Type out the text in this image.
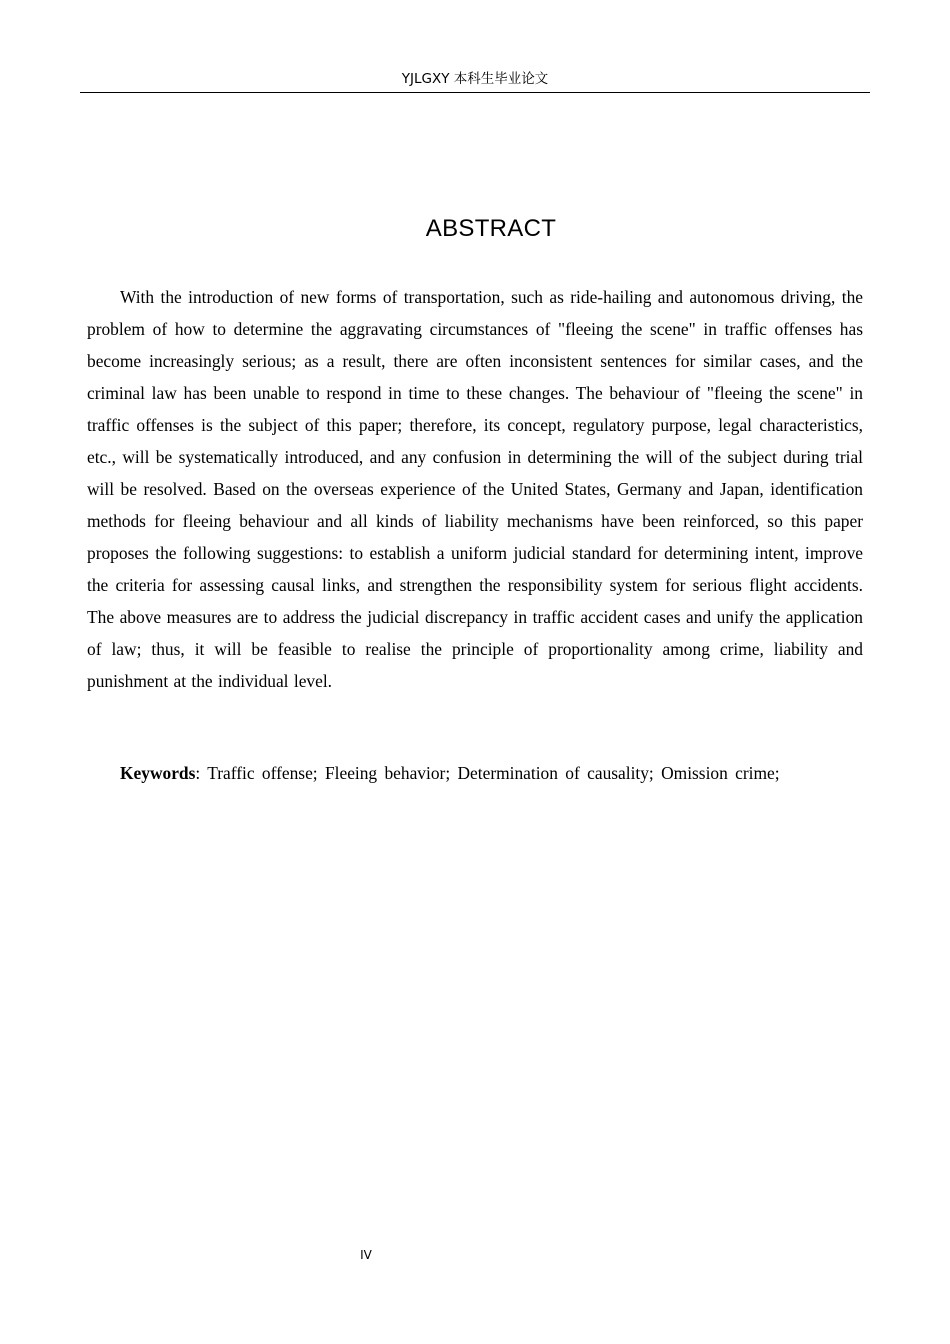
YJLGXY 本科生毕业论文
ABSTRACT

With the introduction of new forms of transportation, such as ride-hailing and autonomous driving, the problem of how to determine the aggravating circumstances of "fleeing the scene" in traffic offenses has become increasingly serious; as a result, there are often inconsistent sentences for similar cases, and the criminal law has been unable to respond in time to these changes. The behaviour of "fleeing the scene" in traffic offenses is the subject of this paper; therefore, its concept, regulatory purpose, legal characteristics, etc., will be systematically introduced, and any confusion in determining the will of the subject during trial will be resolved. Based on the overseas experience of the United States, Germany and Japan, identification methods for fleeing behaviour and all kinds of liability mechanisms have been reinforced, so this paper proposes the following suggestions: to establish a uniform judicial standard for determining intent, improve the criteria for assessing causal links, and strengthen the responsibility system for serious flight accidents. The above measures are to address the judicial discrepancy in traffic accident cases and unify the application of law; thus, it will be feasible to realise the principle of proportionality among crime, liability and punishment at the individual level.

Keywords: Traffic offense; Fleeing behavior; Determination of causality; Omission crime;

IV
